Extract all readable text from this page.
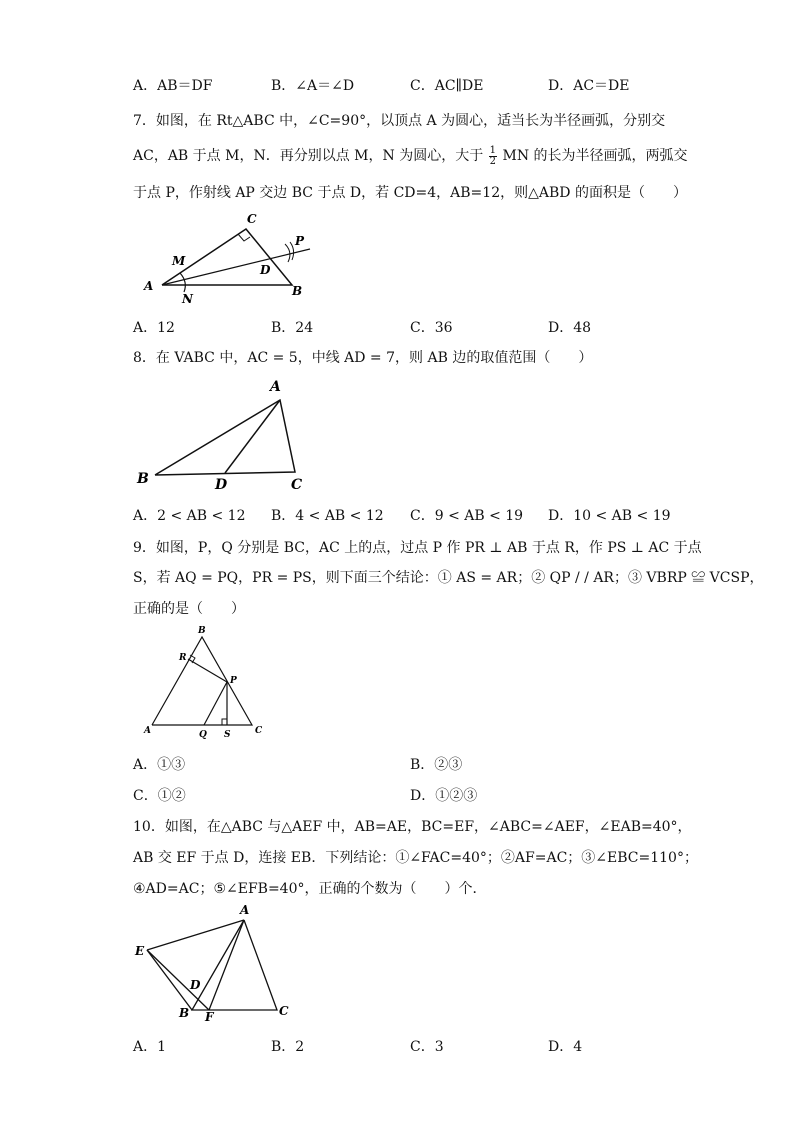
A．AB＝DF	B．∠A＝∠D	C．AC∥DE	D．AC＝DE
7．如图，在 Rt△ABC 中，∠C=90°，以顶点 A 为圆心，适当长为半径画弧，分别交
AC，AB 于点 M，N．再分别以点 M，N 为圆心，大于 $\frac{1}{2}$ MN 的长为半径画弧，两弧交
于点 P，作射线 AP 交边 BC 于点 D，若 CD=4，AB=12，则△ABD 的面积是（　　）
C
P
M
D
A
N
B
A．12	B．24	C．36	D．48
8．在 VABC 中，AC = 5，中线 AD = 7，则 AB 边的取值范围（　　）
A
B	D	C
A．2 < AB < 12 B．4 < AB < 12 C．9 < AB < 19 D．10 < AB < 19
9．如图，P，Q 分别是 BC，AC 上的点，过点 P 作 PR ⊥ AB 于点 R，作 PS ⊥ AC 于点
S，若 AQ = PQ，PR = PS，则下面三个结论：① AS = AR；② QP / / AR；③ VBRP ≌ VCSP，
正确的是（　　）
B
R
P
A	Q S	C
A．①③	B．②③
C．①②	D．①②③
10．如图，在△ABC 与△AEF 中，AB=AE，BC=EF，∠ABC=∠AEF，∠EAB=40°，
AB 交 EF 于点 D，连接 EB．下列结论：①∠FAC=40°；②AF=AC；③∠EBC=110°；
④AD=AC；⑤∠EFB=40°，正确的个数为（　　）个．
A
E
D
B F	C
A．1	B．2	C．3	D．4
